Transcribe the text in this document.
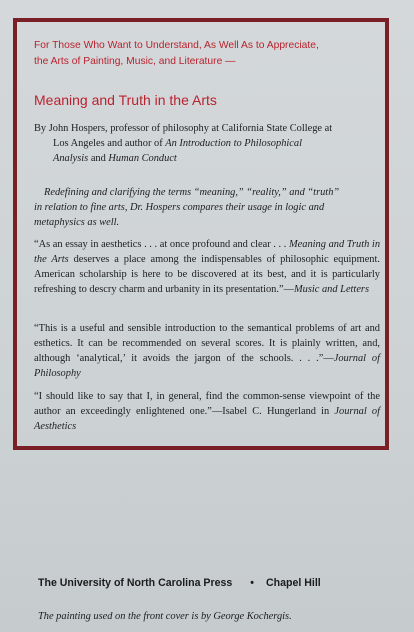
For Those Who Want to Understand, As Well As to Appreciate,
the Arts of Painting, Music, and Literature —
Meaning and Truth in the Arts
By John Hospers, professor of philosophy at California State College at
Los Angeles and author of An Introduction to Philosophical
Analysis and Human Conduct
Redefining and clarifying the terms “meaning,” “reality,” and “truth”
in relation to fine arts, Dr. Hospers compares their usage in logic and
metaphysics as well.
“As an essay in aesthetics . . . at once profound and clear . . . Meaning and Truth in the Arts deserves a place among the indispensables of philosophic equipment. American scholarship is here to be discovered at its best, and it is particularly refreshing to descry charm and urbanity in its presentation.”—Music and Letters
“This is a useful and sensible introduction to the semantical problems of art and esthetics. It can be recommended on several scores. It is plainly written, and, although ‘analytical,’ it avoids the jargon of the schools. . . .”—Journal of Philosophy
“I should like to say that I, in general, find the common-sense viewpoint of the author an exceedingly enlightened one.”—Isabel C. Hungerland in Journal of Aesthetics
The University of North Carolina Press • Chapel Hill
The painting used on the front cover is by George Kochergis.
